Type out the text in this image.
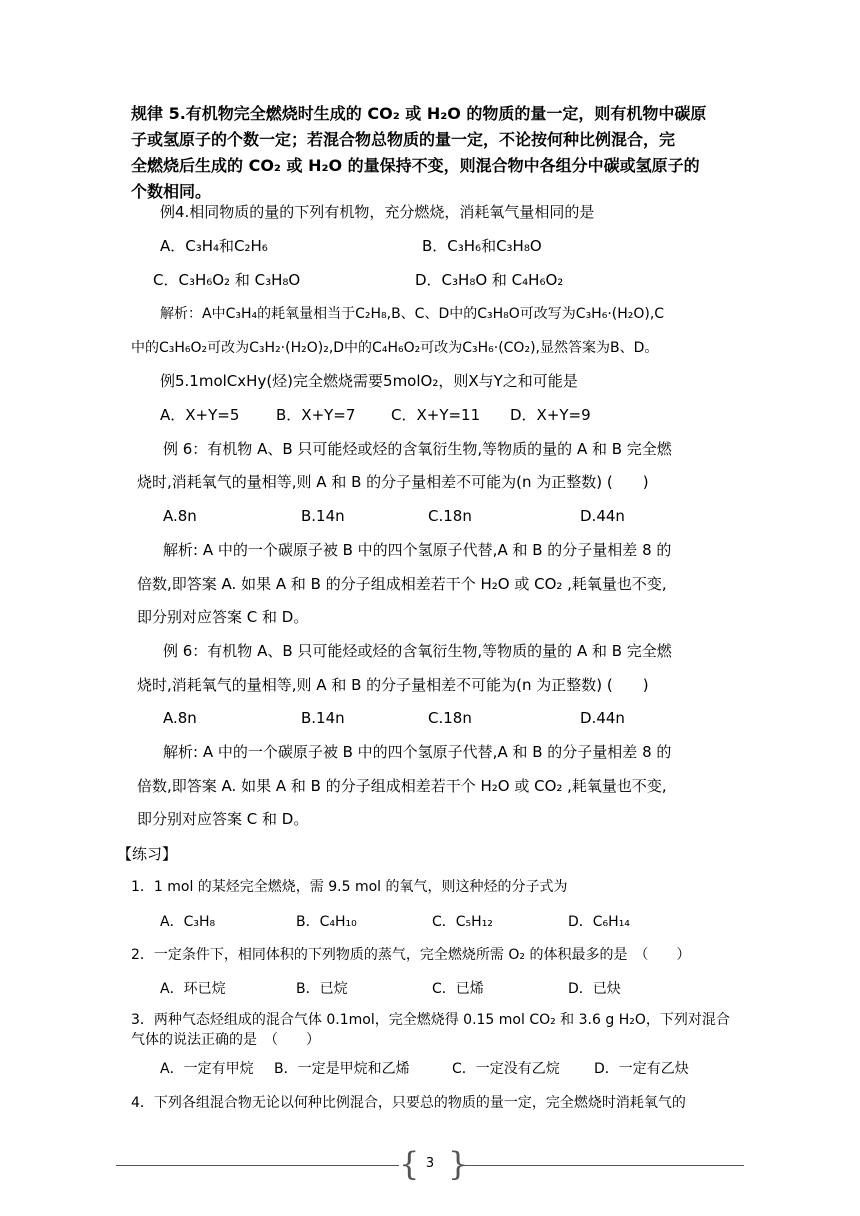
规律 5.有机物完全燃烧时生成的 CO₂ 或 H₂O 的物质的量一定，则有机物中碳原
子或氢原子的个数一定；若混合物总物质的量一定，不论按何种比例混合，完
全燃烧后生成的 CO₂ 或 H₂O 的量保持不变，则混合物中各组分中碳或氢原子的
个数相同。
例4.相同物质的量的下列有机物，充分燃烧，消耗氧气量相同的是
A．C₃H₄和C₂H₆	B．C₃H₆和C₃H₈O
C．C₃H₆O₂ 和 C₃H₈O	D．C₃H₈O 和 C₄H₆O₂
解析：A中C₃H₄的耗氧量相当于C₂H₈,B、C、D中的C₃H₈O可改写为C₃H₆·(H₂O),C
中的C₃H₆O₂可改为C₃H₂·(H₂O)₂,D中的C₄H₆O₂可改为C₃H₆·(CO₂),显然答案为B、D。
例5.1molCxHy(烃)完全燃烧需要5molO₂，则X与Y之和可能是
A．X+Y=5 B．X+Y=7 C．X+Y=11 D．X+Y=9
例 6：有机物 A、B 只可能烃或烃的含氧衍生物,等物质的量的 A 和 B 完全燃
烧时,消耗氧气的量相等,则 A 和 B 的分子量相差不可能为(n 为正整数) (　　)
A.8n	B.14n	C.18n	D.44n
解析: A 中的一个碳原子被 B 中的四个氢原子代替,A 和 B 的分子量相差 8 的
倍数,即答案 A. 如果 A 和 B 的分子组成相差若干个 H₂O 或 CO₂ ,耗氧量也不变,
即分别对应答案 C 和 D。
例 6：有机物 A、B 只可能烃或烃的含氧衍生物,等物质的量的 A 和 B 完全燃
烧时,消耗氧气的量相等,则 A 和 B 的分子量相差不可能为(n 为正整数) (　　)
A.8n	B.14n	C.18n	D.44n
解析: A 中的一个碳原子被 B 中的四个氢原子代替,A 和 B 的分子量相差 8 的
倍数,即答案 A. 如果 A 和 B 的分子组成相差若干个 H₂O 或 CO₂ ,耗氧量也不变,
即分别对应答案 C 和 D。
【练习】
1．1 mol 的某烃完全燃烧，需 9.5 mol 的氧气，则这种烃的分子式为
A．C₃H₈	B．C₄H₁₀	C．C₅H₁₂	D．C₆H₁₄
2．一定条件下，相同体积的下列物质的蒸气，完全燃烧所需 O₂ 的体积最多的是　（　　）
A．环已烷	B．已烷	C．已烯	D．已炔
3．两种气态烃组成的混合气体 0.1mol，完全燃烧得 0.15 mol CO₂ 和 3.6 g H₂O，下列对混合
气体的说法正确的是　（　　）
A．一定有甲烷 B．一定是甲烷和乙烯	C．一定没有乙烷 D．一定有乙炔
4．下列各组混合物无论以何种比例混合，只要总的物质的量一定，完全燃烧时消耗氧气的
{ }
3
